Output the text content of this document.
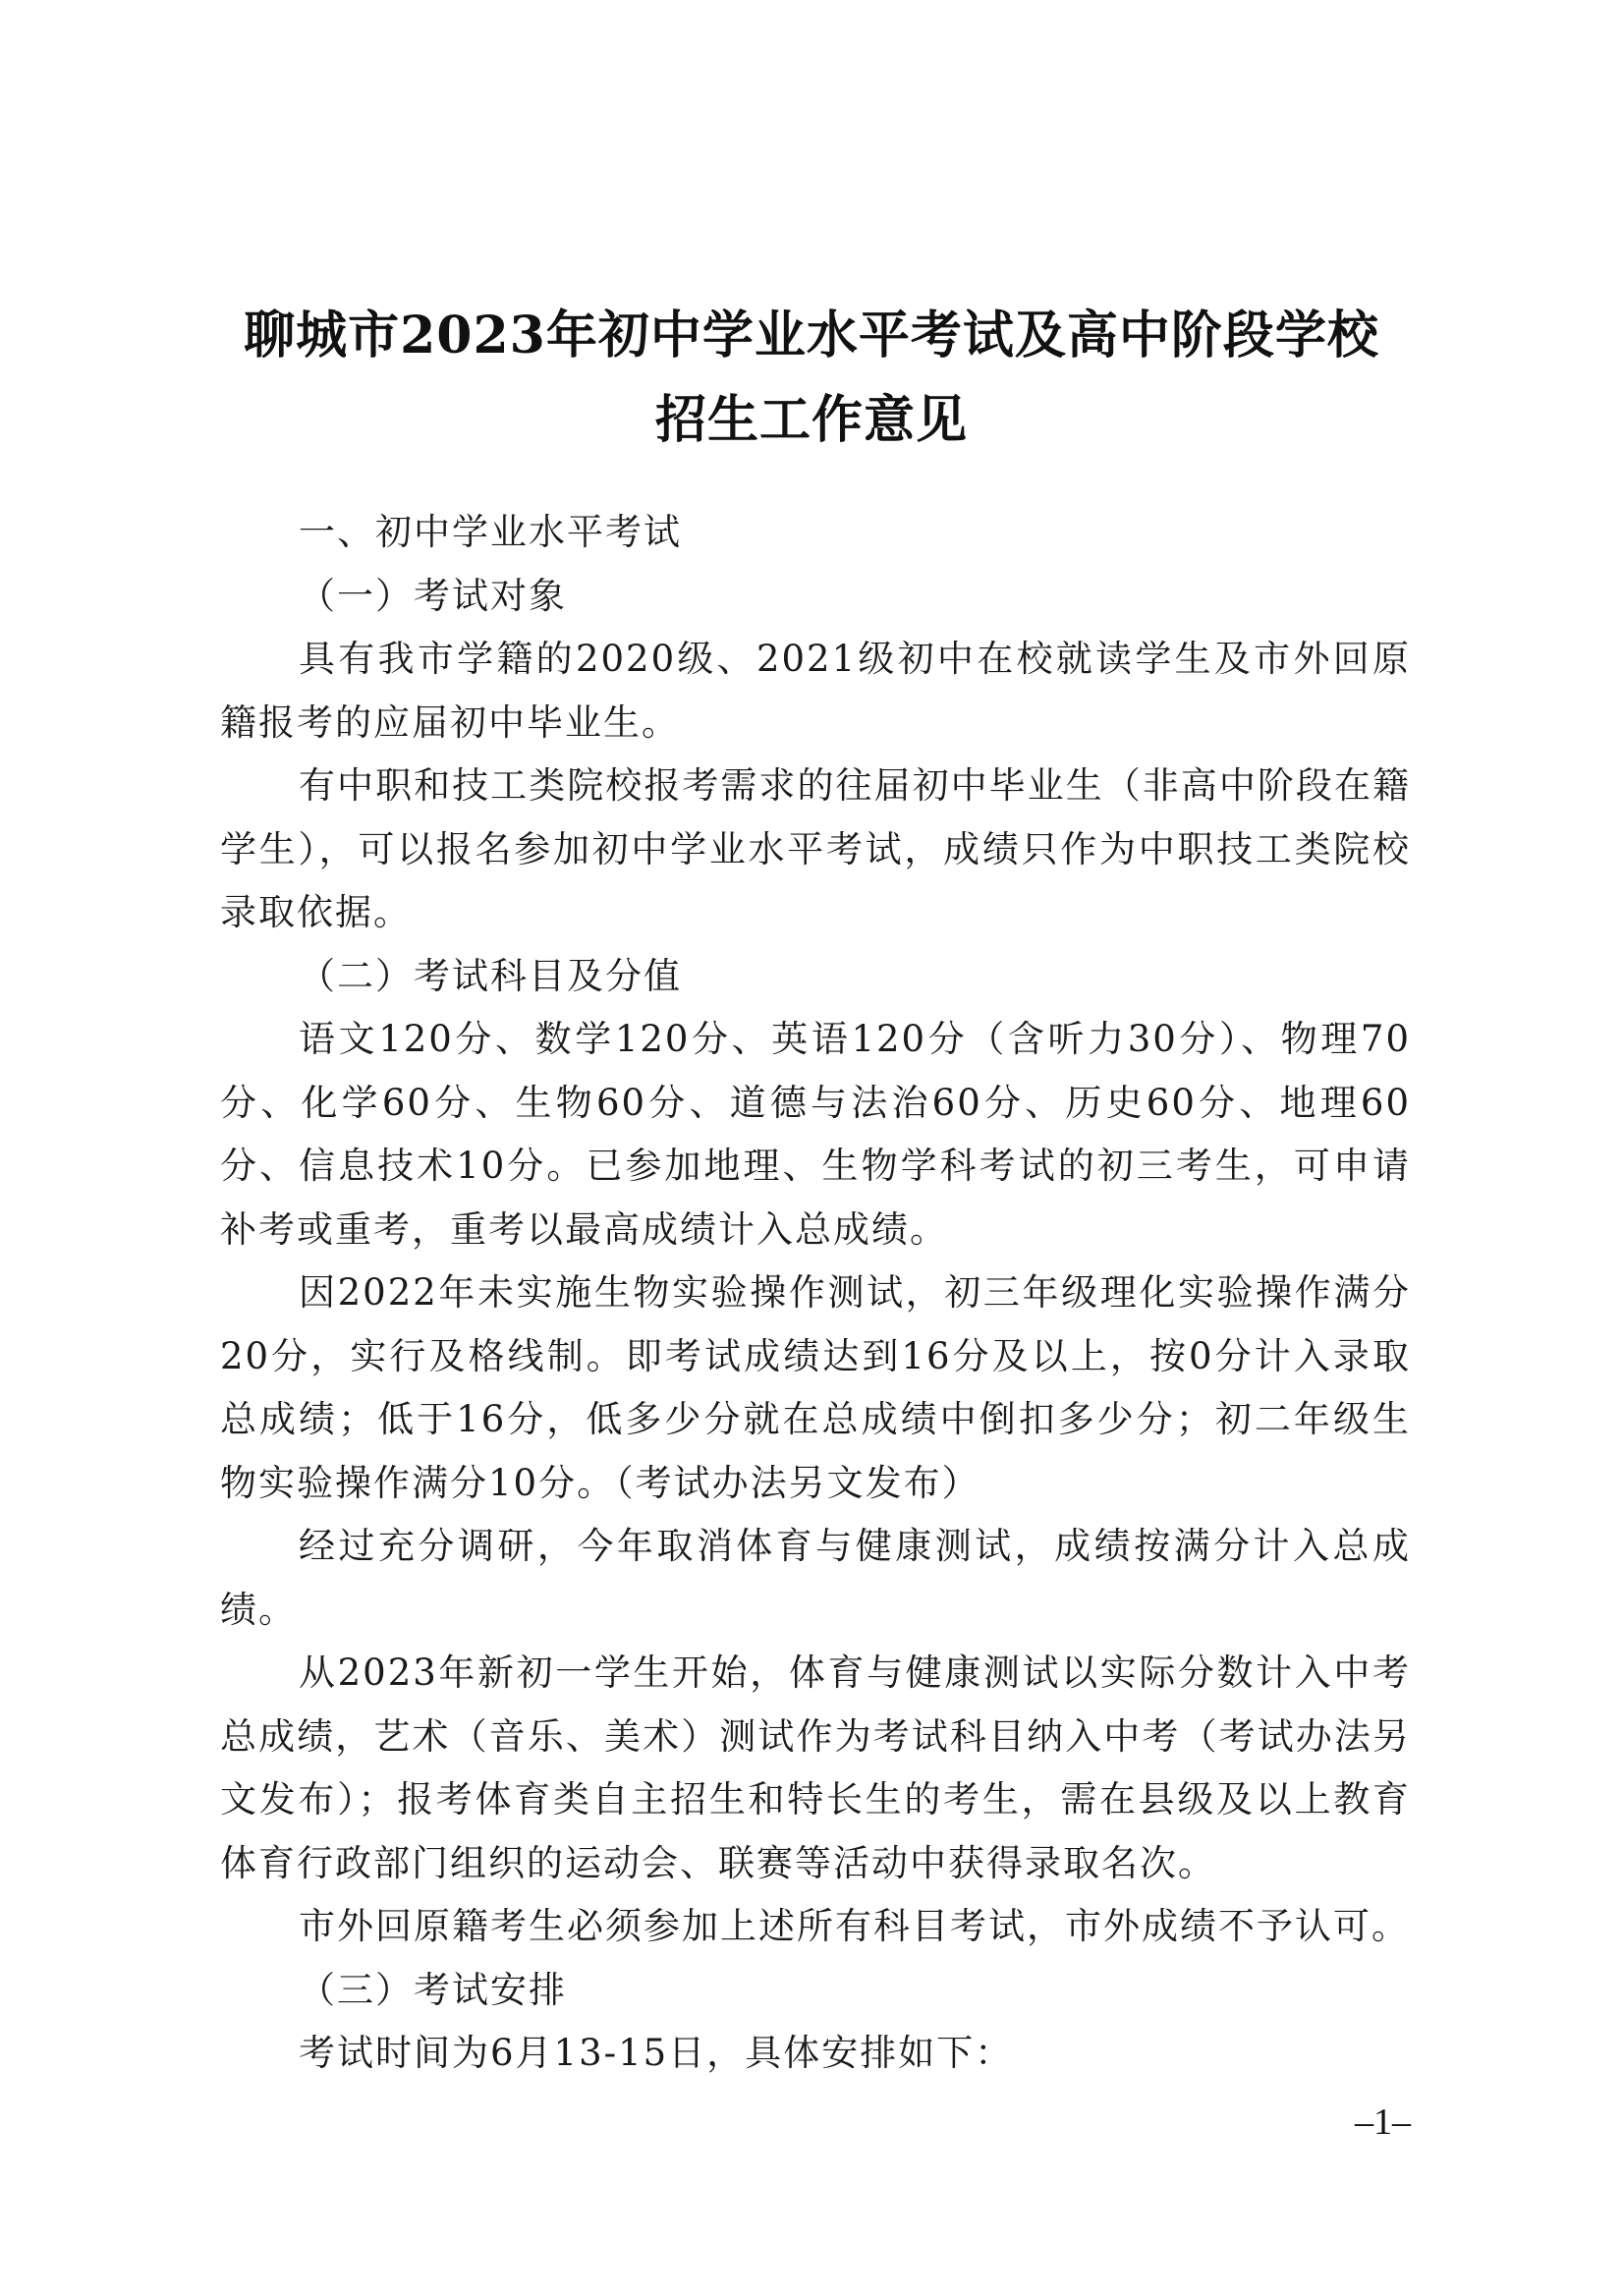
聊城市2023年初中学业水平考试及高中阶段学校
招生工作意见

一、初中学业水平考试

（一）考试对象

具有我市学籍的2020级、2021级初中在校就读学生及市外回原籍报考的应届初中毕业生。

有中职和技工类院校报考需求的往届初中毕业生（非高中阶段在籍学生），可以报名参加初中学业水平考试，成绩只作为中职技工类院校录取依据。

（二）考试科目及分值

语文120分、数学120分、英语120分（含听力30分）、物理70分、化学60分、生物60分、道德与法治60分、历史60分、地理60分、信息技术10分。已参加地理、生物学科考试的初三考生，可申请补考或重考，重考以最高成绩计入总成绩。

因2022年未实施生物实验操作测试，初三年级理化实验操作满分20分，实行及格线制。即考试成绩达到16分及以上，按0分计入录取总成绩；低于16分，低多少分就在总成绩中倒扣多少分；初二年级生物实验操作满分10分。（考试办法另文发布）

经过充分调研，今年取消体育与健康测试，成绩按满分计入总成绩。

从2023年新初一学生开始，体育与健康测试以实际分数计入中考总成绩，艺术（音乐、美术）测试作为考试科目纳入中考（考试办法另文发布）；报考体育类自主招生和特长生的考生，需在县级及以上教育体育行政部门组织的运动会、联赛等活动中获得录取名次。

市外回原籍考生必须参加上述所有科目考试，市外成绩不予认可。

（三）考试安排

考试时间为6月13-15日，具体安排如下：

–1–
